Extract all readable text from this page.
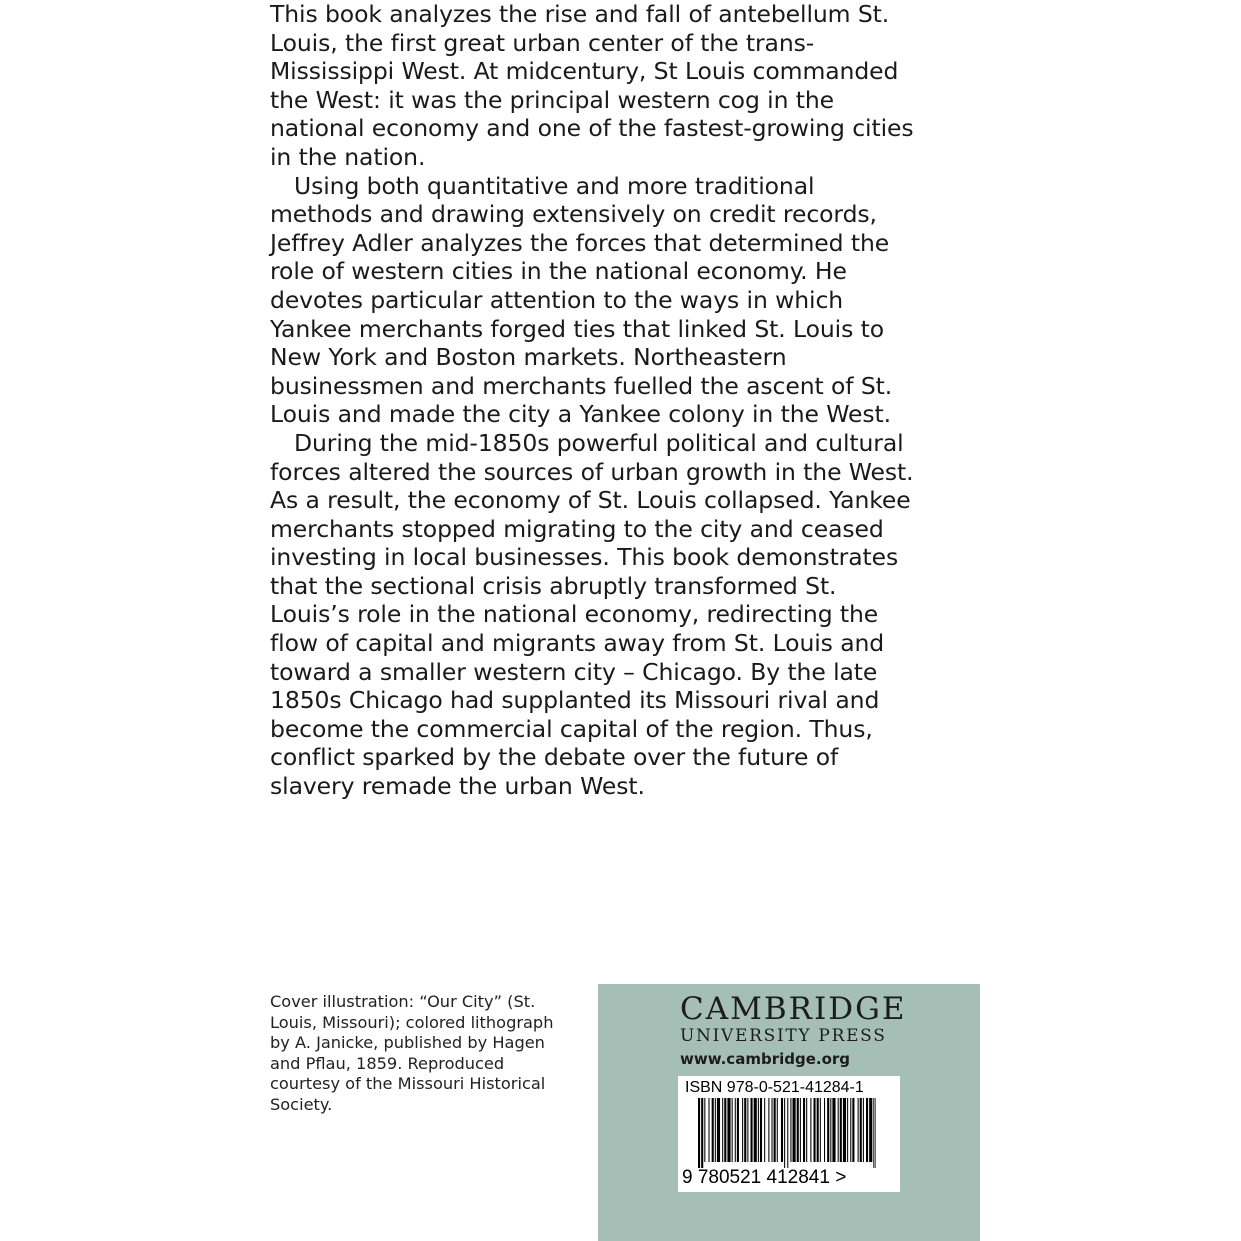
This book analyzes the rise and fall of antebellum St. Louis, the first great urban center of the trans-Mississippi West. At midcentury, St Louis commanded the West: it was the principal western cog in the national economy and one of the fastest-growing cities in the nation.

Using both quantitative and more traditional methods and drawing extensively on credit records, Jeffrey Adler analyzes the forces that determined the role of western cities in the national economy. He devotes particular attention to the ways in which Yankee merchants forged ties that linked St. Louis to New York and Boston markets. Northeastern businessmen and merchants fuelled the ascent of St. Louis and made the city a Yankee colony in the West.

During the mid-1850s powerful political and cultural forces altered the sources of urban growth in the West. As a result, the economy of St. Louis collapsed. Yankee merchants stopped migrating to the city and ceased investing in local businesses. This book demonstrates that the sectional crisis abruptly transformed St. Louis’s role in the national economy, redirecting the flow of capital and migrants away from St. Louis and toward a smaller western city – Chicago. By the late 1850s Chicago had supplanted its Missouri rival and become the commercial capital of the region. Thus, conflict sparked by the debate over the future of slavery remade the urban West.

Cover illustration: “Our City” (St. Louis, Missouri); colored lithograph by A. Janicke, published by Hagen and Pflau, 1859. Reproduced courtesy of the Missouri Historical Society.
CAMBRIDGE
UNIVERSITY PRESS
www.cambridge.org
ISBN 978-0-521-41284-1
9 780521 412841 >
